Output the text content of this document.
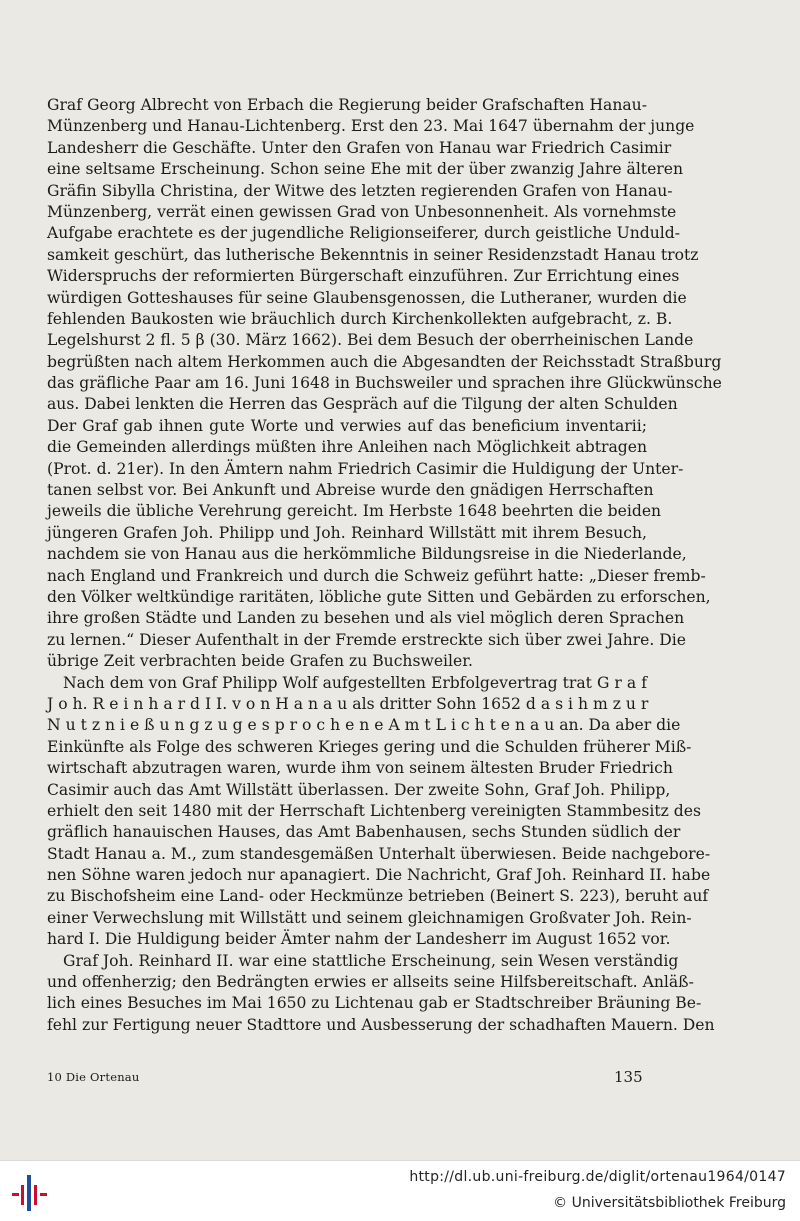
Graf Georg Albrecht von Erbach die Regierung beider Grafschaften Hanau-
Münzenberg und Hanau-Lichtenberg. Erst den 23. Mai 1647 übernahm der junge
Landesherr die Geschäfte. Unter den Grafen von Hanau war Friedrich Casimir
eine seltsame Erscheinung. Schon seine Ehe mit der über zwanzig Jahre älteren
Gräfin Sibylla Christina, der Witwe des letzten regierenden Grafen von Hanau-
Münzenberg, verrät einen gewissen Grad von Unbesonnenheit. Als vornehmste
Aufgabe erachtete es der jugendliche Religionseiferer, durch geistliche Unduld-
samkeit geschürt, das lutherische Bekenntnis in seiner Residenzstadt Hanau trotz
Widerspruchs der reformierten Bürgerschaft einzuführen. Zur Errichtung eines
würdigen Gotteshauses für seine Glaubensgenossen, die Lutheraner, wurden die
fehlenden Baukosten wie bräuchlich durch Kirchenkollekten aufgebracht, z. B.
Legelshurst 2 fl. 5 β (30. März 1662). Bei dem Besuch der oberrheinischen Lande
begrüßten nach altem Herkommen auch die Abgesandten der Reichsstadt Straßburg
das gräfliche Paar am 16. Juni 1648 in Buchsweiler und sprachen ihre Glückwünsche
aus. Dabei lenkten die Herren das Gespräch auf die Tilgung der alten Schulden
Der Graf gab ihnen gute Worte und verwies auf das beneficium inventarii;
die Gemeinden allerdings müßten ihre Anleihen nach Möglichkeit abtragen
(Prot. d. 21er). In den Ämtern nahm Friedrich Casimir die Huldigung der Unter-
tanen selbst vor. Bei Ankunft und Abreise wurde den gnädigen Herrschaften
jeweils die übliche Verehrung gereicht. Im Herbste 1648 beehrten die beiden
jüngeren Grafen Joh. Philipp und Joh. Reinhard Willstätt mit ihrem Besuch,
nachdem sie von Hanau aus die herkömmliche Bildungsreise in die Niederlande,
nach England und Frankreich und durch die Schweiz geführt hatte: „Dieser fremb-
den Völker weltkündige raritäten, löbliche gute Sitten und Gebärden zu erforschen,
ihre großen Städte und Landen zu besehen und als viel möglich deren Sprachen
zu lernen.“ Dieser Aufenthalt in der Fremde erstreckte sich über zwei Jahre. Die
übrige Zeit verbrachten beide Grafen zu Buchsweiler.
Nach dem von Graf Philipp Wolf aufgestellten Erbfolgevertrag trat G r a f
J o h. R e i n h a r d I I. v o n H a n a u als dritter Sohn 1652 d a s i h m z u r
N u t z n i e ß u n g z u g e s p r o c h e n e A m t L i c h t e n a u an. Da aber die
Einkünfte als Folge des schweren Krieges gering und die Schulden früherer Miß-
wirtschaft abzutragen waren, wurde ihm von seinem ältesten Bruder Friedrich
Casimir auch das Amt Willstätt überlassen. Der zweite Sohn, Graf Joh. Philipp,
erhielt den seit 1480 mit der Herrschaft Lichtenberg vereinigten Stammbesitz des
gräflich hanauischen Hauses, das Amt Babenhausen, sechs Stunden südlich der
Stadt Hanau a. M., zum standesgemäßen Unterhalt überwiesen. Beide nachgebore-
nen Söhne waren jedoch nur apanagiert. Die Nachricht, Graf Joh. Reinhard II. habe
zu Bischofsheim eine Land- oder Heckmünze betrieben (Beinert S. 223), beruht auf
einer Verwechslung mit Willstätt und seinem gleichnamigen Großvater Joh. Rein-
hard I. Die Huldigung beider Ämter nahm der Landesherr im August 1652 vor.
Graf Joh. Reinhard II. war eine stattliche Erscheinung, sein Wesen verständig
und offenherzig; den Bedrängten erwies er allseits seine Hilfsbereitschaft. Anläß-
lich eines Besuches im Mai 1650 zu Lichtenau gab er Stadtschreiber Bräuning Be-
fehl zur Fertigung neuer Stadttore und Ausbesserung der schadhaften Mauern. Den
10 Die Ortenau	135
http://dl.ub.uni-freiburg.de/diglit/ortenau1964/0147
© Universitätsbibliothek Freiburg
